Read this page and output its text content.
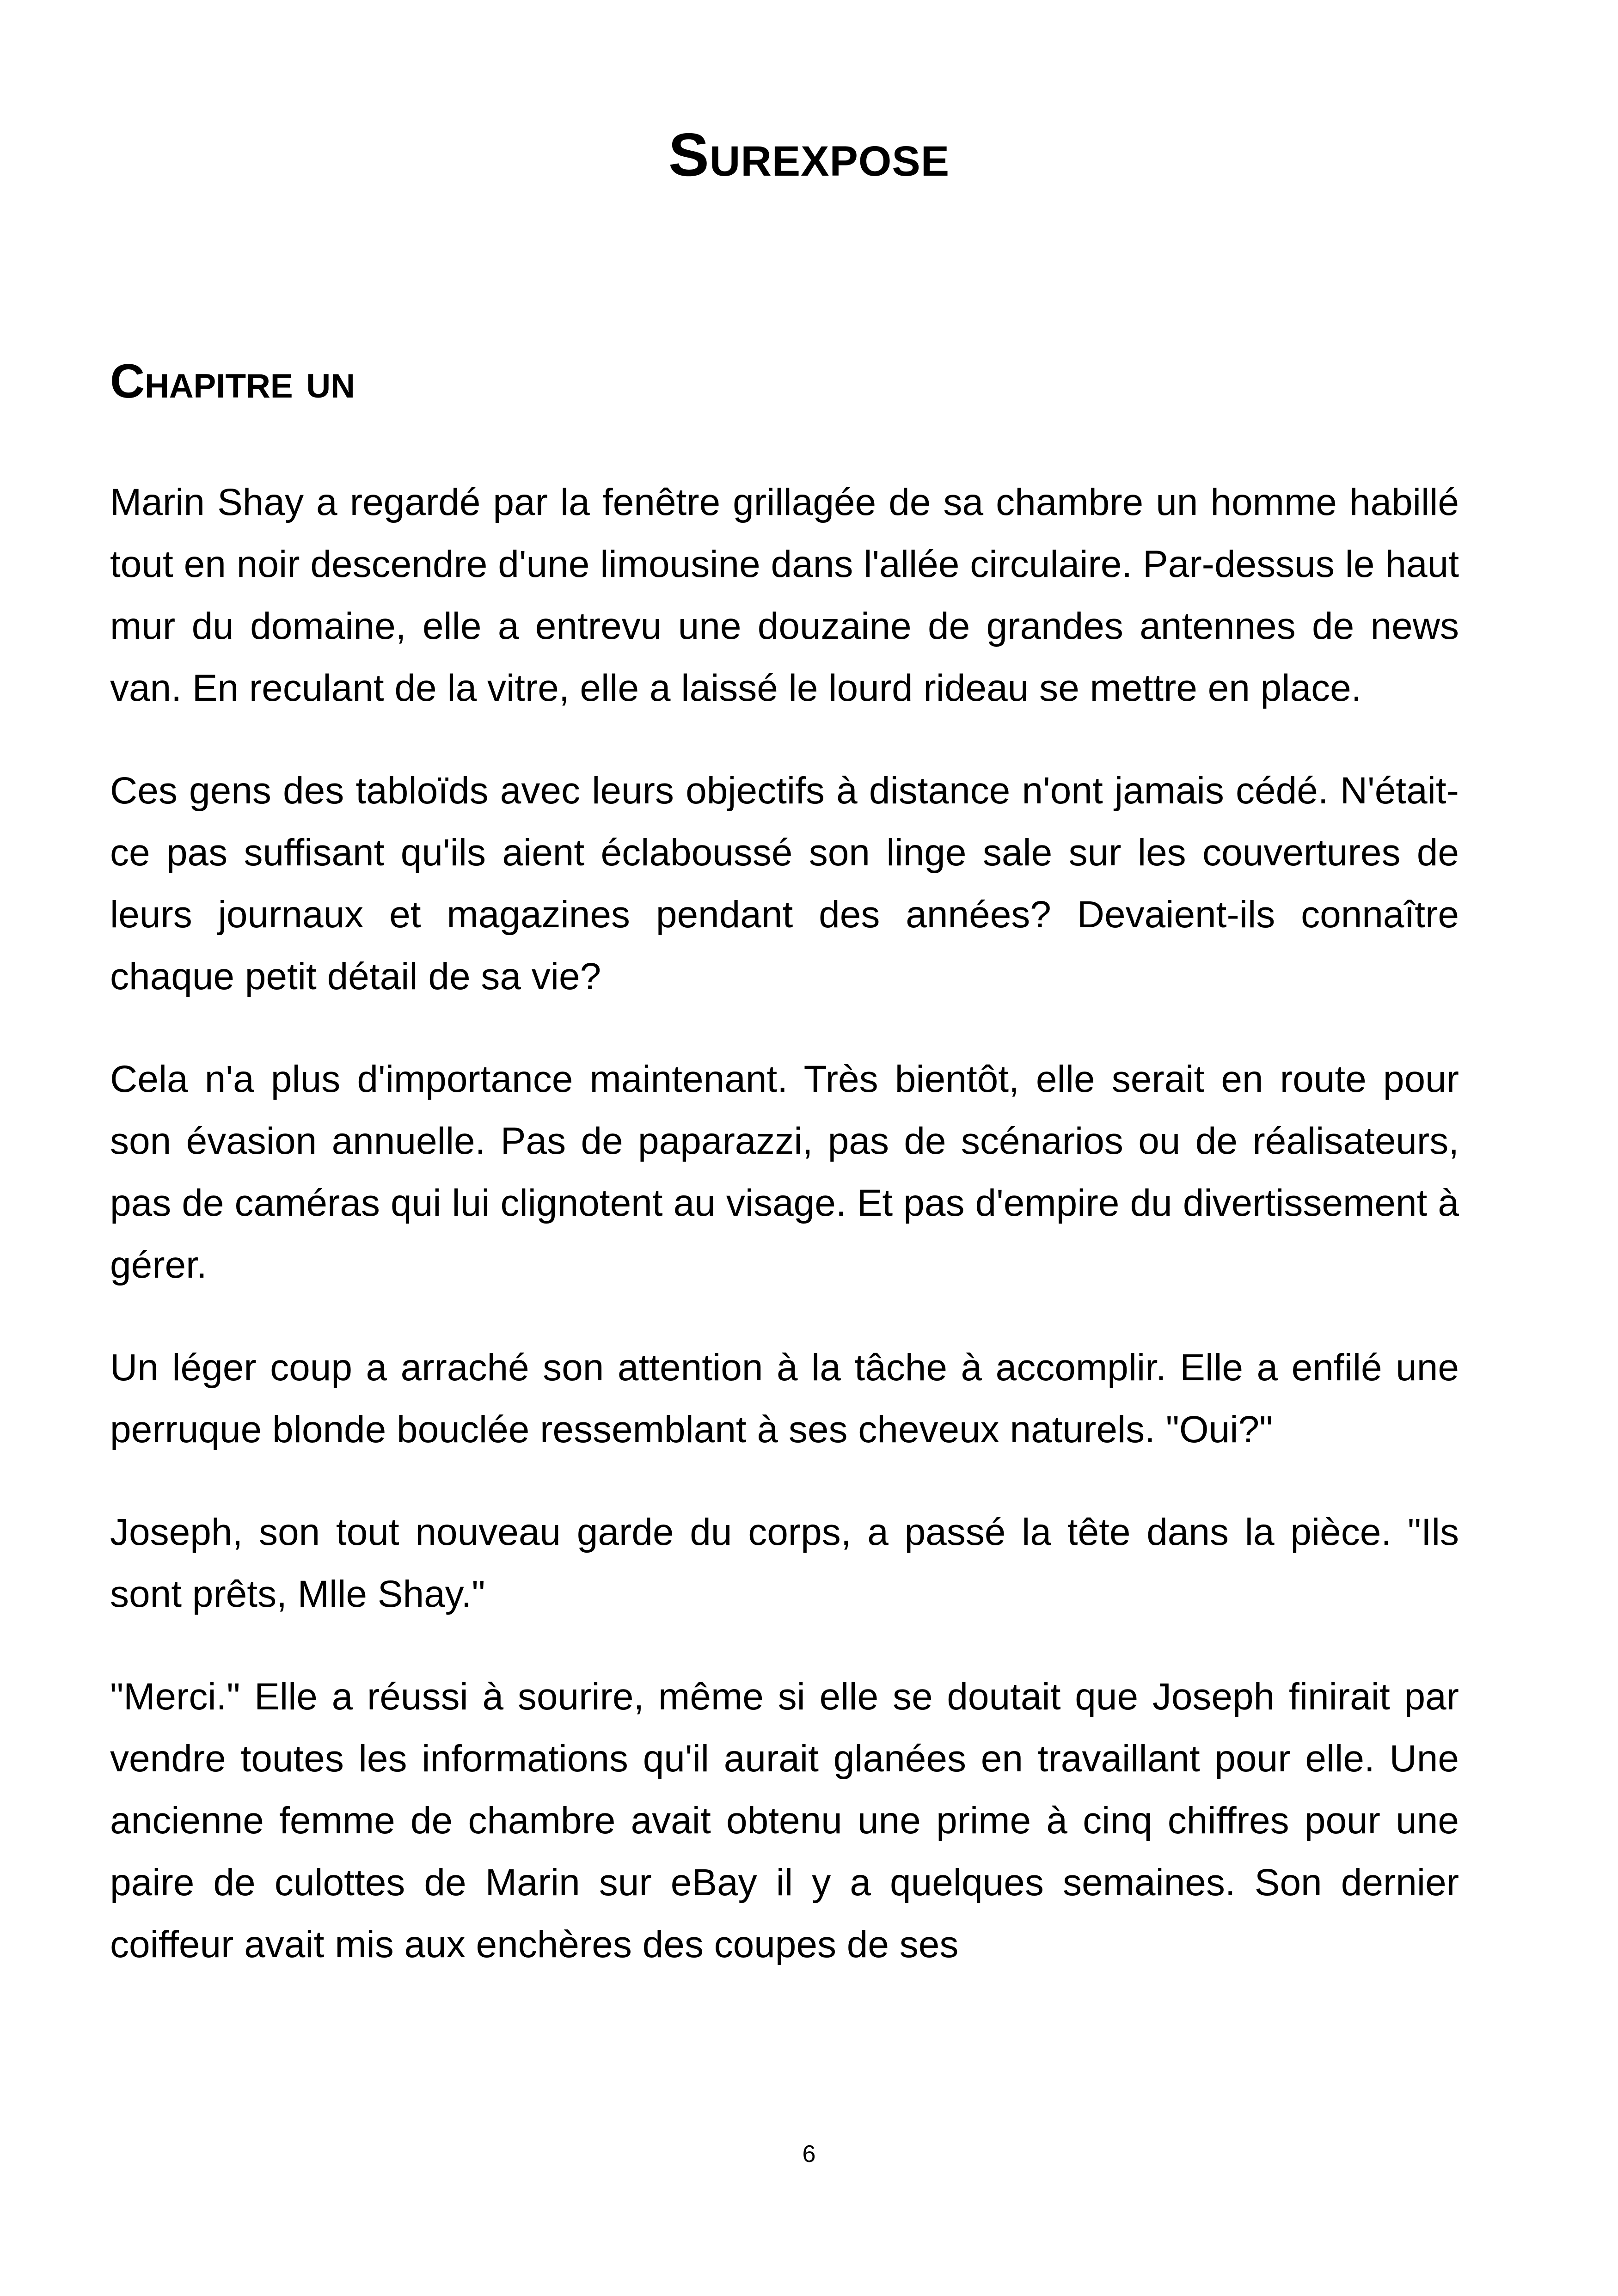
Surexpose
Chapitre un

Marin Shay a regardé par la fenêtre grillagée de sa chambre un homme habillé tout en noir descendre d'une limousine dans l'allée circulaire. Par-dessus le haut mur du domaine, elle a entrevu une douzaine de grandes antennes de news van. En reculant de la vitre, elle a laissé le lourd rideau se mettre en place.

Ces gens des tabloïds avec leurs objectifs à distance n'ont jamais cédé. N'était-ce pas suffisant qu'ils aient éclaboussé son linge sale sur les couvertures de leurs journaux et magazines pendant des années? Devaient-ils connaître chaque petit détail de sa vie?

Cela n'a plus d'importance maintenant. Très bientôt, elle serait en route pour son évasion annuelle. Pas de paparazzi, pas de scénarios ou de réalisateurs, pas de caméras qui lui clignotent au visage. Et pas d'empire du divertissement à gérer.

Un léger coup a arraché son attention à la tâche à accomplir. Elle a enfilé une perruque blonde bouclée ressemblant à ses cheveux naturels. "Oui?"

Joseph, son tout nouveau garde du corps, a passé la tête dans la pièce. "Ils sont prêts, Mlle Shay."

"Merci." Elle a réussi à sourire, même si elle se doutait que Joseph finirait par vendre toutes les informations qu'il aurait glanées en travaillant pour elle. Une ancienne femme de chambre avait obtenu une prime à cinq chiffres pour une paire de culottes de Marin sur eBay il y a quelques semaines. Son dernier coiffeur avait mis aux enchères des coupes de ses

6
